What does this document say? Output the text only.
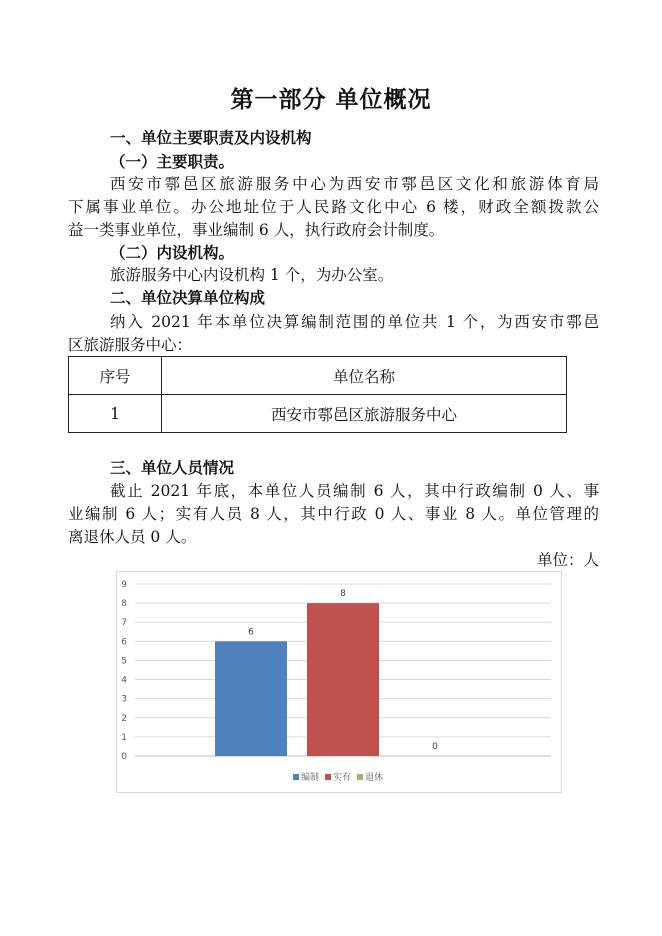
第一部分 单位概况
一、单位主要职责及内设机构
（一）主要职责。
西安市鄠邑区旅游服务中心为西安市鄠邑区文化和旅游体育局
下属事业单位。办公地址位于人民路文化中心 6 楼，财政全额拨款公
益一类事业单位，事业编制 6 人，执行政府会计制度。
（二）内设机构。
旅游服务中心内设机构 1 个，为办公室。
二、单位决算单位构成
纳入 2021 年本单位决算编制范围的单位共 1 个，为西安市鄠邑
区旅游服务中心：
序号	单位名称
1	西安市鄠邑区旅游服务中心
三、单位人员情况
截止 2021 年底，本单位人员编制 6 人，其中行政编制 0 人、事
业编制 6 人；实有人员 8 人，其中行政 0 人、事业 8 人。单位管理的
离退休人员 0 人。
单位：人
0
1
2
3
4
5
6
7
8
9
6
8
0
编制 实有 退休
